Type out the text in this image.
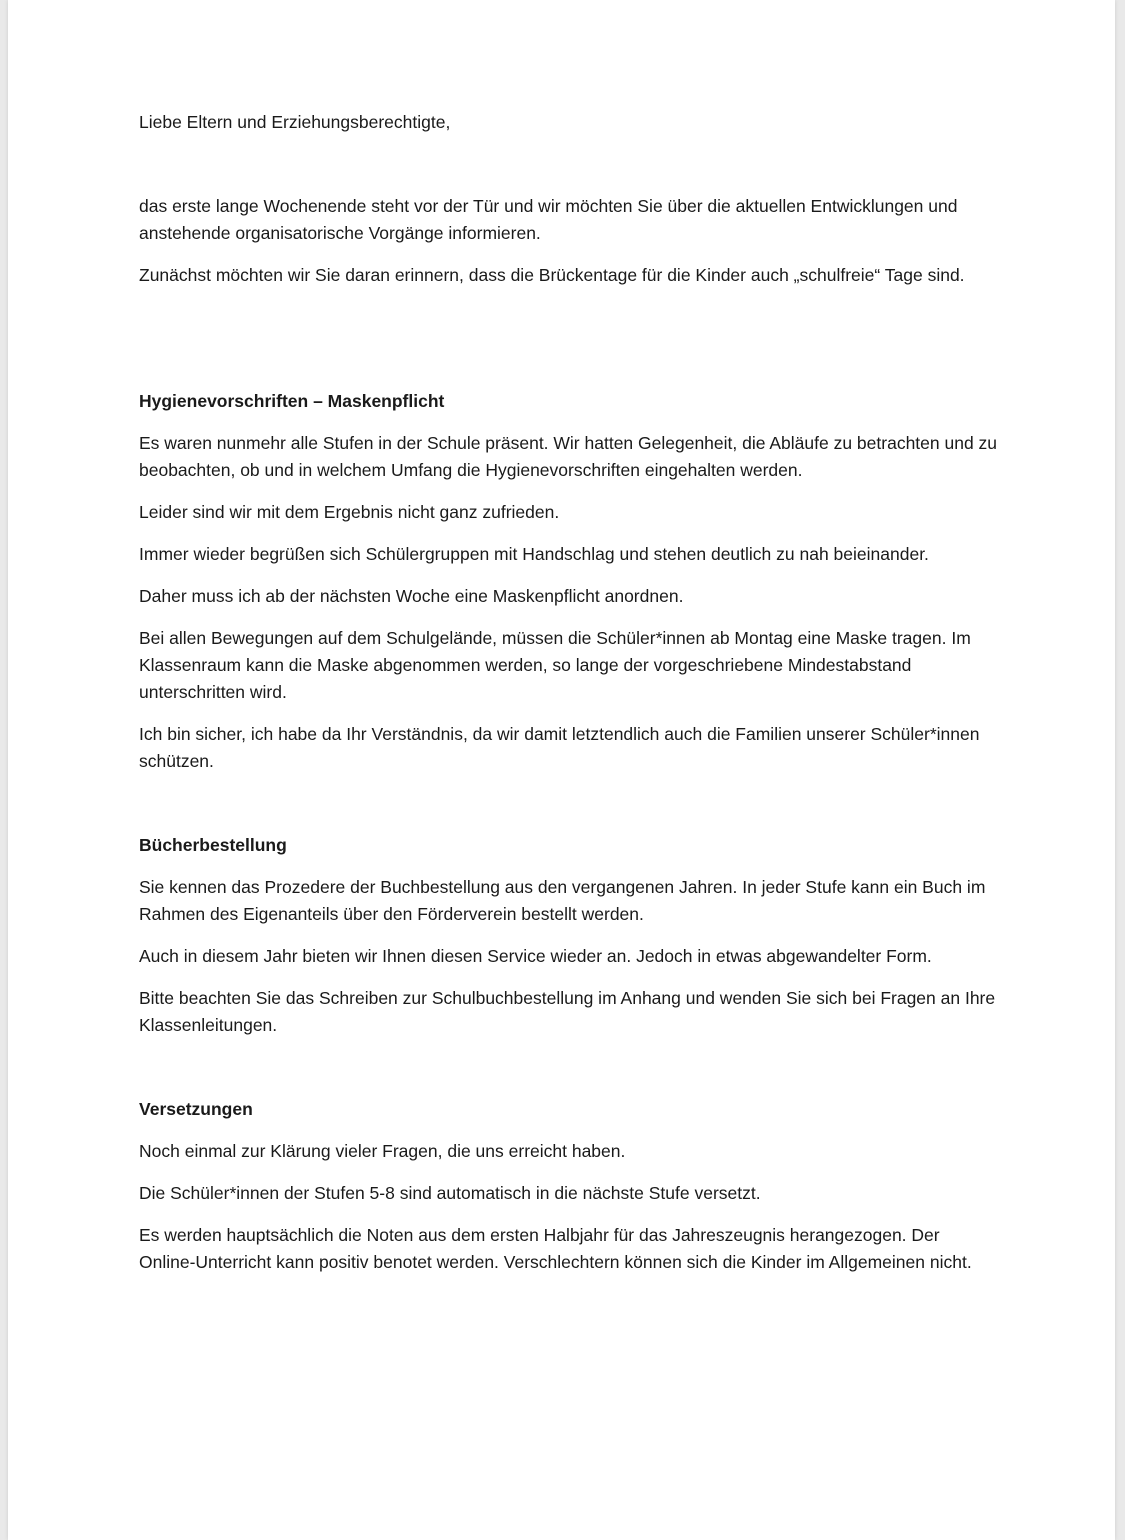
Liebe Eltern und Erziehungsberechtigte,

das erste lange Wochenende steht vor der Tür und wir möchten Sie über die aktuellen Entwicklungen und anstehende organisatorische Vorgänge informieren.

Zunächst möchten wir Sie daran erinnern, dass die Brückentage für die Kinder auch „schulfreie“ Tage sind.

Hygienevorschriften – Maskenpflicht

Es waren nunmehr alle Stufen in der Schule präsent. Wir hatten Gelegenheit, die Abläufe zu betrachten und zu beobachten, ob und in welchem Umfang die Hygienevorschriften eingehalten werden.

Leider sind wir mit dem Ergebnis nicht ganz zufrieden.

Immer wieder begrüßen sich Schülergruppen mit Handschlag und stehen deutlich zu nah beieinander.

Daher muss ich ab der nächsten Woche eine Maskenpflicht anordnen.

Bei allen Bewegungen auf dem Schulgelände, müssen die Schüler*innen ab Montag eine Maske tragen. Im Klassenraum kann die Maske abgenommen werden, so lange der vorgeschriebene Mindestabstand unterschritten wird.

Ich bin sicher, ich habe da Ihr Verständnis, da wir damit letztendlich auch die Familien unserer Schüler*innen schützen.

Bücherbestellung

Sie kennen das Prozedere der Buchbestellung aus den vergangenen Jahren. In jeder Stufe kann ein Buch im Rahmen des Eigenanteils über den Förderverein bestellt werden.

Auch in diesem Jahr bieten wir Ihnen diesen Service wieder an. Jedoch in etwas abgewandelter Form.

Bitte beachten Sie das Schreiben zur Schulbuchbestellung im Anhang und wenden Sie sich bei Fragen an Ihre Klassenleitungen.

Versetzungen

Noch einmal zur Klärung vieler Fragen, die uns erreicht haben.

Die Schüler*innen der Stufen 5-8 sind automatisch in die nächste Stufe versetzt.

Es werden hauptsächlich die Noten aus dem ersten Halbjahr für das Jahreszeugnis herangezogen. Der Online-Unterricht kann positiv benotet werden. Verschlechtern können sich die Kinder im Allgemeinen nicht.
